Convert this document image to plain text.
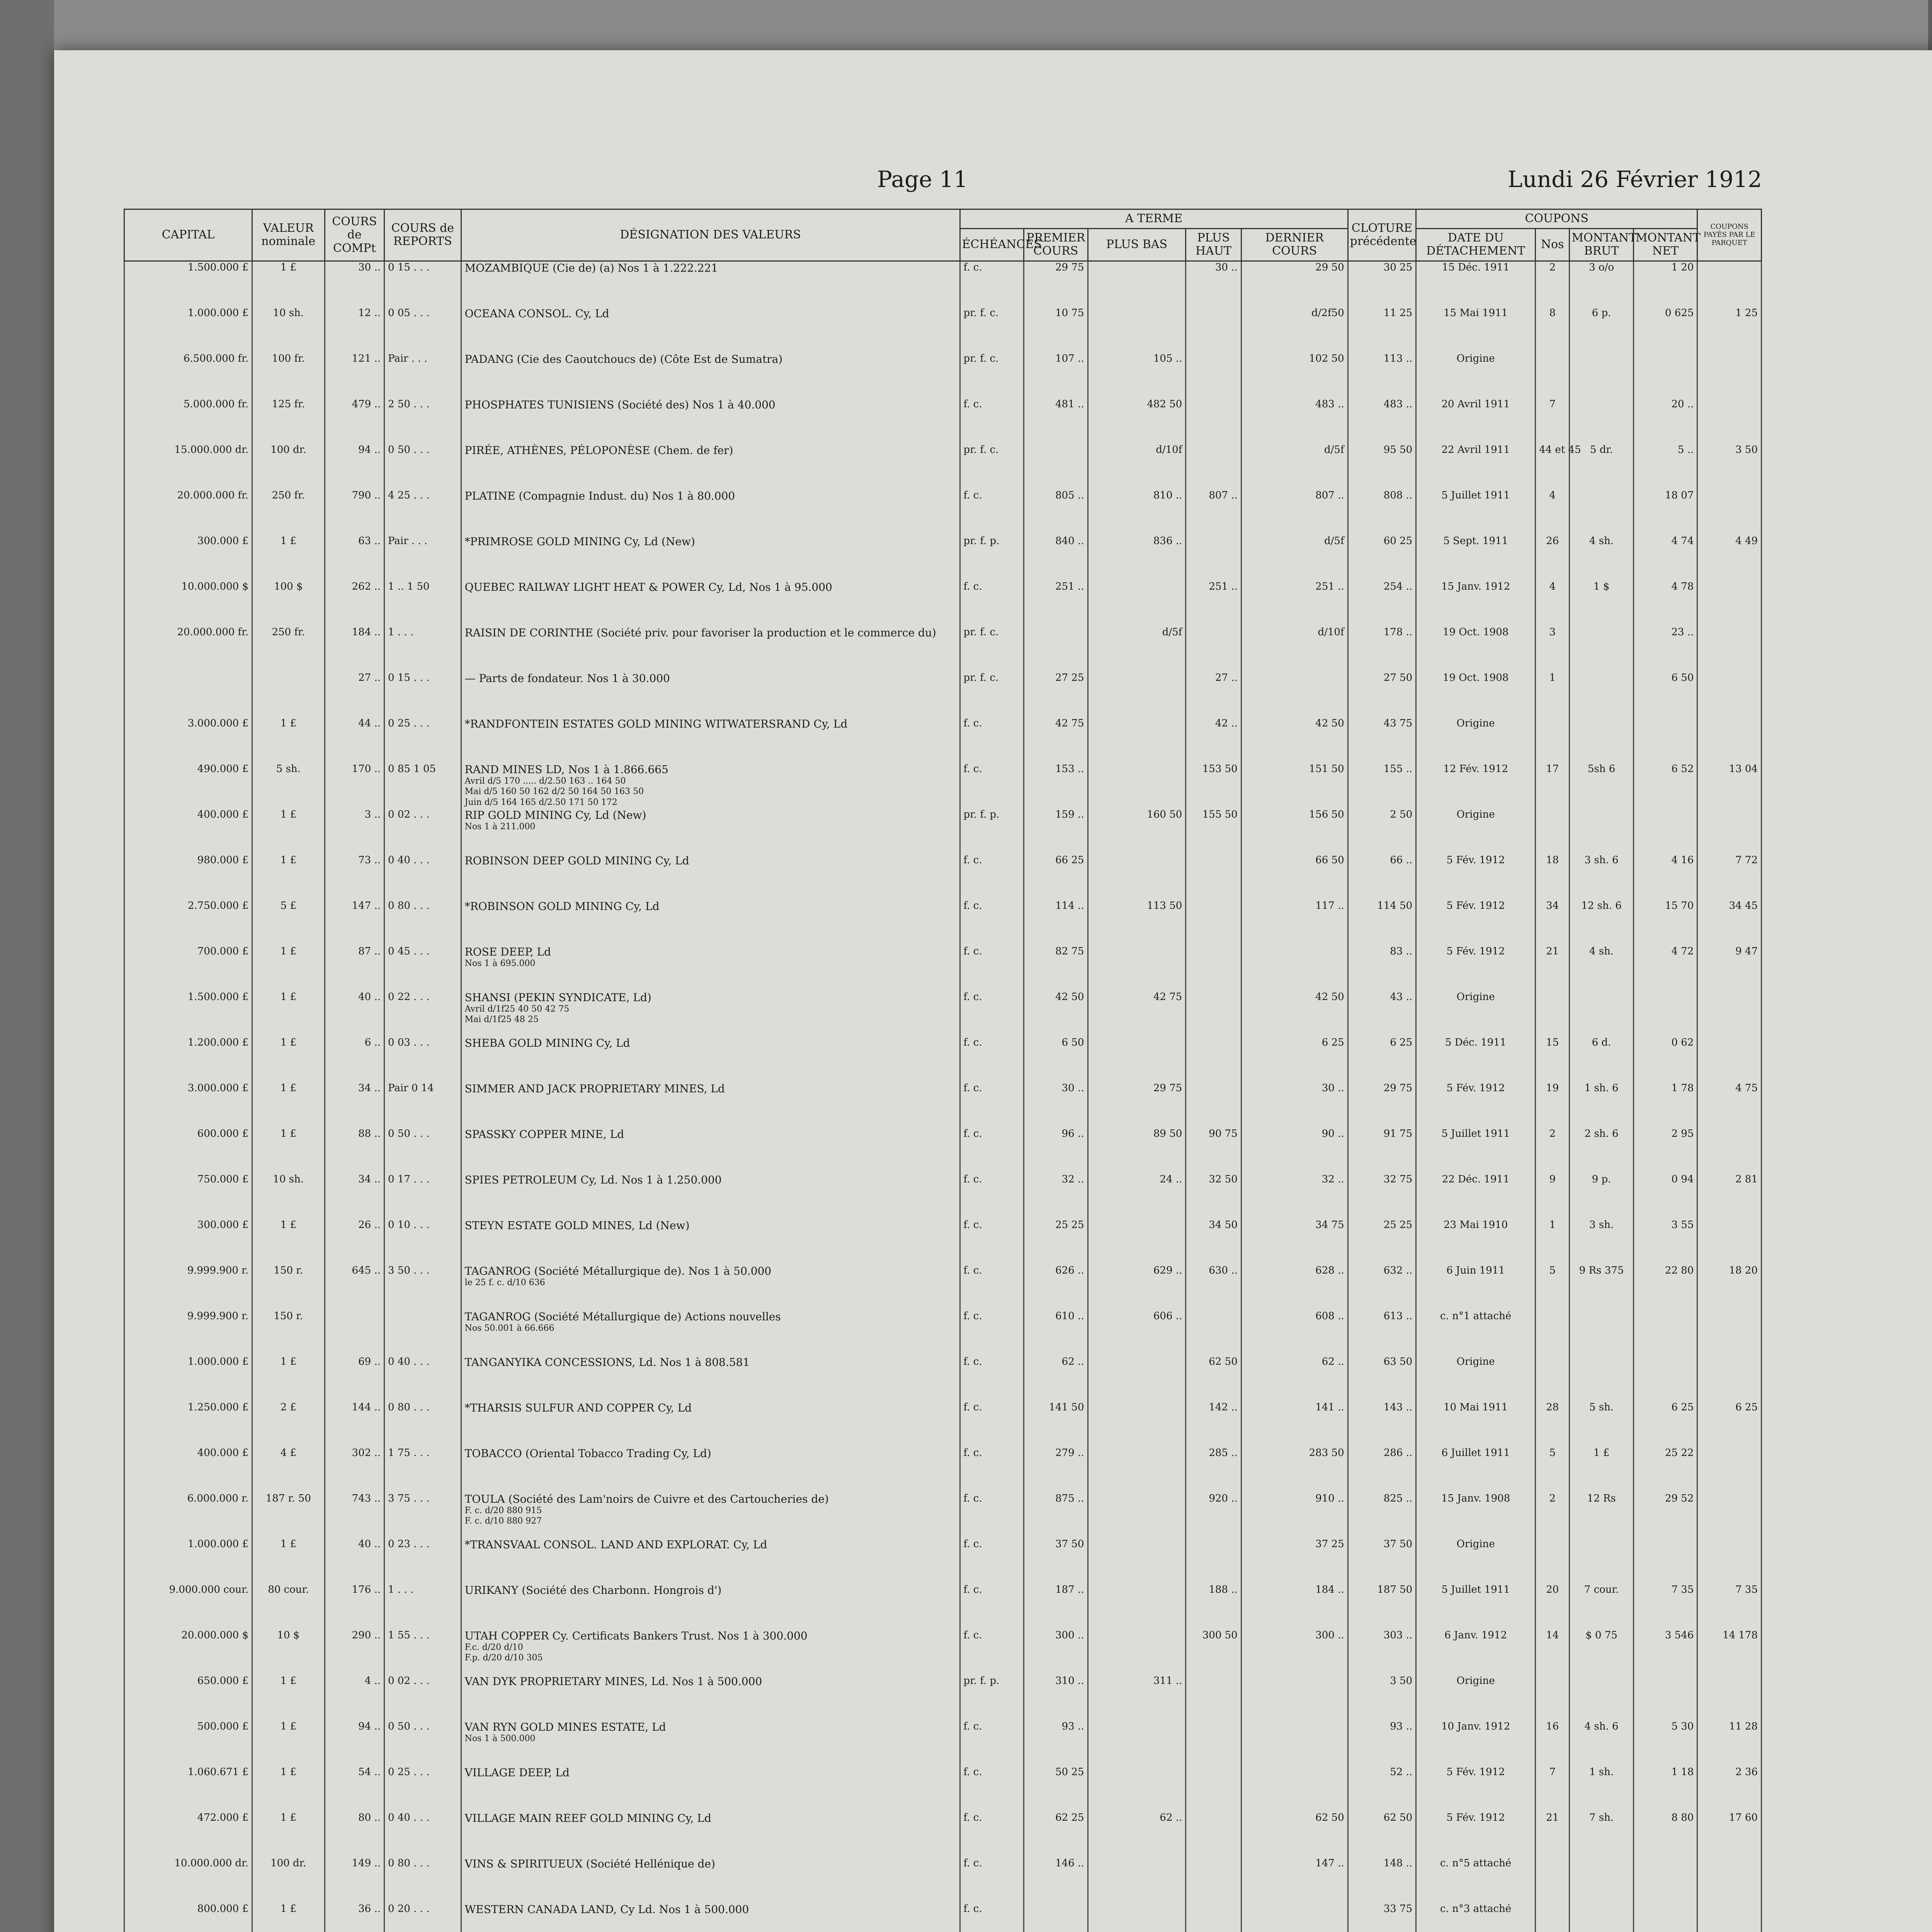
Page 11	Lundi 26 Février 1912
CAPITAL	VALEUR nominale	COURS de COMPt	COURS de REPORTS	DÉSIGNATION DES VALEURS	A TERME					CLOTURE précédente	COUPONS				COUPONS PAYÉS PAR LE PARQUET
					ÉCHÉANCES	PREMIER COURS	PLUS BAS	PLUS HAUT	DERNIER COURS		DATE DU DÉTACHEMENT	Nos	MONTANT BRUT	MONTANT NET	
1.500.000 £	1 £	30 ..	0 15 . . .	MOZAMBIQUE (Cie de) (a) Nos 1 à 1.222.221	f. c.	29 75		30 ..	29 50	30 25	15 Déc. 1911	2	3 o/o	1 20	
1.000.000 £	10 sh.	12 ..	0 05 . . .	OCEANA CONSOL. Cy, Ld	pr. f. c.	10 75			d/2f50	11 25	15 Mai 1911	8	6 p.	0 625	1 25
6.500.000 fr.	100 fr.	121 ..	Pair . . .	PADANG (Cie des Caoutchoucs de) (Côte Est de Sumatra)	pr. f. c.	107 ..	105 ..		102 50	113 ..	Origine				
5.000.000 fr.	125 fr.	479 ..	2 50 . . .	PHOSPHATES TUNISIENS (Société des) Nos 1 à 40.000	f. c.	481 ..	482 50		483 ..	483 ..	20 Avril 1911	7		20 ..	
15.000.000 dr.	100 dr.	94 ..	0 50 . . .	PIRÉE, ATHÈNES, PÉLOPONÈSE (Chem. de fer)	pr. f. c.		d/10f		d/5f	95 50	22 Avril 1911	44 et 45	5 dr.	5 ..	3 50
20.000.000 fr.	250 fr.	790 ..	4 25 . . .	PLATINE (Compagnie Indust. du) Nos 1 à 80.000	f. c.	805 ..	810 ..	807 ..	807 ..	808 ..	5 Juillet 1911	4		18 07	
300.000 £	1 £	63 ..	Pair . . .	*PRIMROSE GOLD MINING Cy, Ld (New)	pr. f. p.	840 ..	836 ..		d/5f	60 25	5 Sept. 1911	26	4 sh.	4 74	4 49
10.000.000 $	100 $	262 ..	1 .. 1 50	QUEBEC RAILWAY LIGHT HEAT & POWER Cy, Ld, Nos 1 à 95.000	f. c.	251 ..		251 ..	251 ..	254 ..	15 Janv. 1912	4	1 $	4 78	
20.000.000 fr.	250 fr.	184 ..	1 . . .	RAISIN DE CORINTHE (Société priv. pour favoriser la production et le commerce du)	pr. f. c.		d/5f		d/10f	178 ..	19 Oct. 1908	3		23 ..	
		27 ..	0 15 . . .	— Parts de fondateur. Nos 1 à 30.000	pr. f. c.	27 25		27 ..		27 50	19 Oct. 1908	1		6 50	
3.000.000 £	1 £	44 ..	0 25 . . .	*RANDFONTEIN ESTATES GOLD MINING WITWATERSRAND Cy, Ld	f. c.	42 75		42 ..	42 50	43 75	Origine				
490.000 £	5 sh.	170 ..	0 85 1 05	RAND MINES LD, Nos 1 à 1.866.665
Avril d/5 170 ..... d/2.50 163 .. 164 50
Mai d/5 160 50 162 d/2 50 164 50 163 50
Juin d/5 164 165 d/2.50 171 50 172	f. c.	153 ..		153 50	151 50	155 ..	12 Fév. 1912	17	5sh 6	6 52	13 04
400.000 £	1 £	3 ..	0 02 . . .	RIP GOLD MINING Cy, Ld (New)
Nos 1 à 211.000	pr. f. p.	159 ..	160 50	155 50	156 50	2 50	Origine				
980.000 £	1 £	73 ..	0 40 . . .	ROBINSON DEEP GOLD MINING Cy, Ld	f. c.	66 25			66 50	66 ..	5 Fév. 1912	18	3 sh. 6	4 16	7 72
2.750.000 £	5 £	147 ..	0 80 . . .	*ROBINSON GOLD MINING Cy, Ld	f. c.	114 ..	113 50		117 ..	114 50	5 Fév. 1912	34	12 sh. 6	15 70	34 45
700.000 £	1 £	87 ..	0 45 . . .	ROSE DEEP, Ld
Nos 1 à 695.000	f. c.	82 75				83 ..	5 Fév. 1912	21	4 sh.	4 72	9 47
1.500.000 £	1 £	40 ..	0 22 . . .	SHANSI (PEKIN SYNDICATE, Ld)
Avril d/1f25 40 50 42 75
Mai d/1f25 48 25	f. c.	42 50	42 75		42 50	43 ..	Origine				
1.200.000 £	1 £	6 ..	0 03 . . .	SHEBA GOLD MINING Cy, Ld	f. c.	6 50			6 25	6 25	5 Déc. 1911	15	6 d.	0 62	
3.000.000 £	1 £	34 ..	Pair 0 14	SIMMER AND JACK PROPRIETARY MINES, Ld	f. c.	30 ..	29 75		30 ..	29 75	5 Fév. 1912	19	1 sh. 6	1 78	4 75
600.000 £	1 £	88 ..	0 50 . . .	SPASSKY COPPER MINE, Ld	f. c.	96 ..	89 50	90 75	90 ..	91 75	5 Juillet 1911	2	2 sh. 6	2 95	
750.000 £	10 sh.	34 ..	0 17 . . .	SPIES PETROLEUM Cy, Ld. Nos 1 à 1.250.000	f. c.	32 ..	24 ..	32 50	32 ..	32 75	22 Déc. 1911	9	9 p.	0 94	2 81
300.000 £	1 £	26 ..	0 10 . . .	STEYN ESTATE GOLD MINES, Ld (New)	f. c.	25 25		34 50	34 75	25 25	23 Mai 1910	1	3 sh.	3 55	
9.999.900 r.	150 r.	645 ..	3 50 . . .	TAGANROG (Société Métallurgique de). Nos 1 à 50.000
le 25 f. c. d/10 636	f. c.	626 ..	629 ..	630 ..	628 ..	632 ..	6 Juin 1911	5	9 Rs 375	22 80	18 20
9.999.900 r.	150 r.			TAGANROG (Société Métallurgique de) Actions nouvelles
Nos 50.001 à 66.666	f. c.	610 ..	606 ..		608 ..	613 ..	c. n°1 attaché				
1.000.000 £	1 £	69 ..	0 40 . . .	TANGANYIKA CONCESSIONS, Ld. Nos 1 à 808.581	f. c.	62 ..		62 50	62 ..	63 50	Origine				
1.250.000 £	2 £	144 ..	0 80 . . .	*THARSIS SULFUR AND COPPER Cy, Ld	f. c.	141 50		142 ..	141 ..	143 ..	10 Mai 1911	28	5 sh.	6 25	6 25
400.000 £	4 £	302 ..	1 75 . . .	TOBACCO (Oriental Tobacco Trading Cy, Ld)	f. c.	279 ..		285 ..	283 50	286 ..	6 Juillet 1911	5	1 £	25 22	
6.000.000 r.	187 r. 50	743 ..	3 75 . . .	TOULA (Société des Lam'noirs de Cuivre et des Cartoucheries de)
F. c. d/20 880 915
F. c. d/10 880 927	f. c.	875 ..		920 ..	910 ..	825 ..	15 Janv. 1908	2	12 Rs	29 52	
1.000.000 £	1 £	40 ..	0 23 . . .	*TRANSVAAL CONSOL. LAND AND EXPLORAT. Cy, Ld	f. c.	37 50			37 25	37 50	Origine				
9.000.000 cour.	80 cour.	176 ..	1 . . .	URIKANY (Société des Charbonn. Hongrois d')	f. c.	187 ..		188 ..	184 ..	187 50	5 Juillet 1911	20	7 cour.	7 35	7 35
20.000.000 $	10 $	290 ..	1 55 . . .	UTAH COPPER Cy. Certificats Bankers Trust. Nos 1 à 300.000
F.c. d/20 d/10
F.p. d/20 d/10 305	f. c.	300 ..		300 50	300 ..	303 ..	6 Janv. 1912	14	$ 0 75	3 546	14 178
650.000 £	1 £	4 ..	0 02 . . .	VAN DYK PROPRIETARY MINES, Ld. Nos 1 à 500.000	pr. f. p.	310 ..	311 ..			3 50	Origine				
500.000 £	1 £	94 ..	0 50 . . .	VAN RYN GOLD MINES ESTATE, Ld
Nos 1 à 500.000	f. c.	93 ..				93 ..	10 Janv. 1912	16	4 sh. 6	5 30	11 28
1.060.671 £	1 £	54 ..	0 25 . . .	VILLAGE DEEP, Ld	f. c.	50 25				52 ..	5 Fév. 1912	7	1 sh.	1 18	2 36
472.000 £	1 £	80 ..	0 40 . . .	VILLAGE MAIN REEF GOLD MINING Cy, Ld	f. c.	62 25	62 ..		62 50	62 50	5 Fév. 1912	21	7 sh.	8 80	17 60
10.000.000 dr.	100 dr.	149 ..	0 80 . . .	VINS & SPIRITUEUX (Société Hellénique de)	f. c.	146 ..			147 ..	148 ..	c. n°5 attaché				
800.000 £	1 £	36 ..	0 20 . . .	WESTERN CANADA LAND, Cy Ld. Nos 1 à 500.000	f. c.					33 75	c. n°3 attaché				
